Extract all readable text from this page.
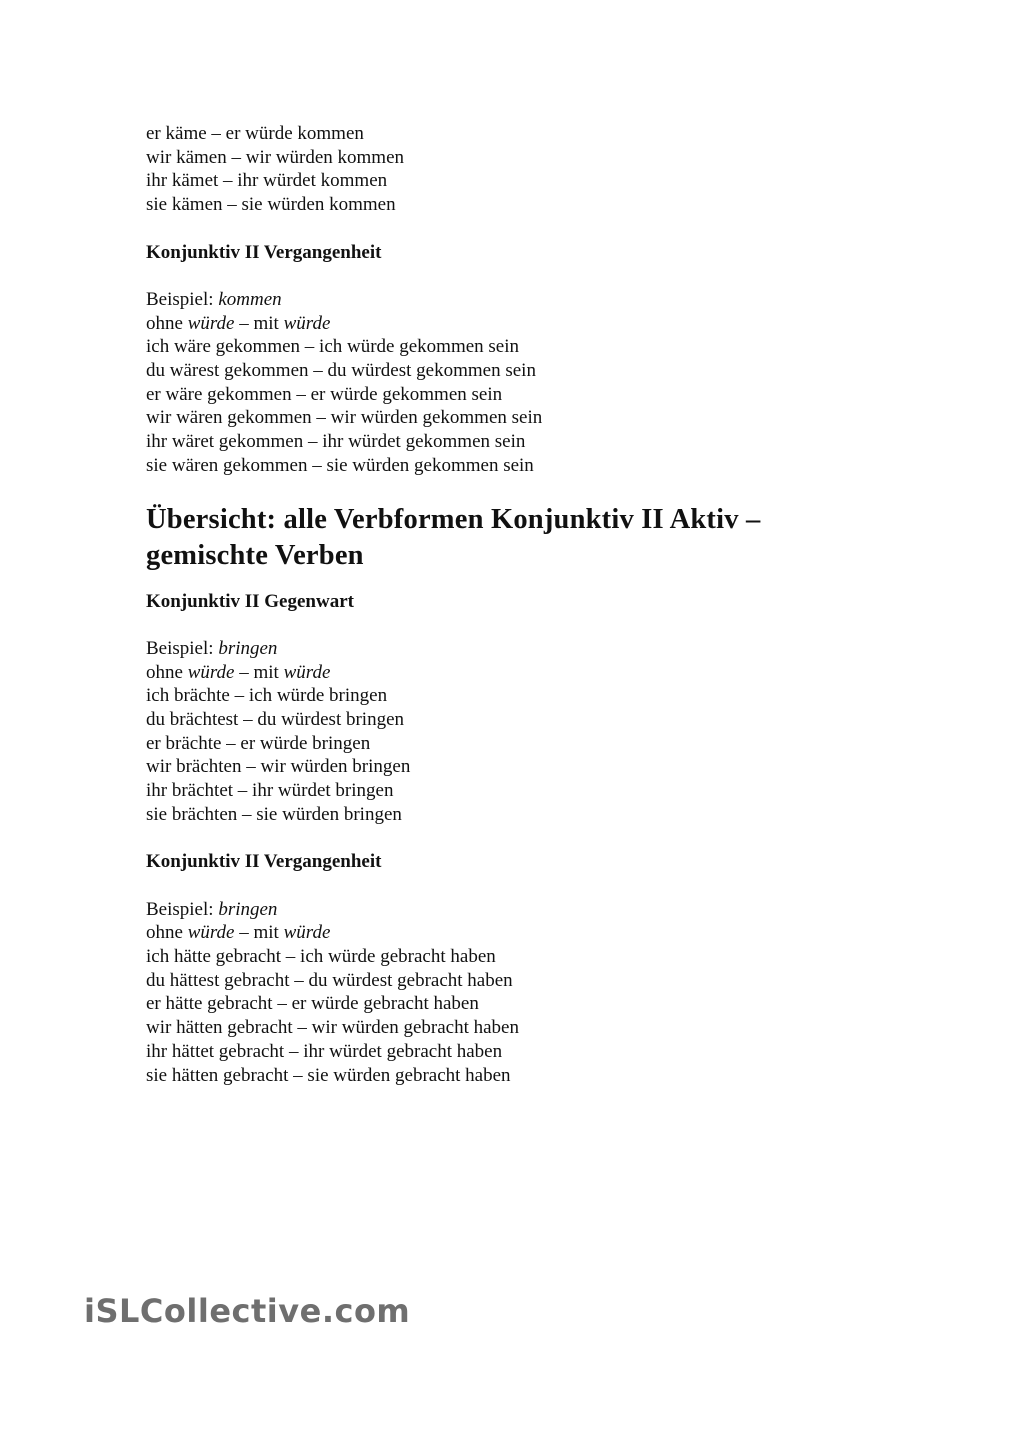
er käme – er würde kommen

wir kämen – wir würden kommen

ihr kämet – ihr würdet kommen

sie kämen – sie würden kommen

Konjunktiv II Vergangenheit

Beispiel: kommen

ohne würde – mit würde

ich wäre gekommen – ich würde gekommen sein

du wärest gekommen – du würdest gekommen sein

er wäre gekommen – er würde gekommen sein

wir wären gekommen – wir würden gekommen sein

ihr wäret gekommen – ihr würdet gekommen sein

sie wären gekommen – sie würden gekommen sein

Übersicht: alle Verbformen Konjunktiv II Aktiv –

gemischte Verben

Konjunktiv II Gegenwart

Beispiel: bringen

ohne würde – mit würde

ich brächte – ich würde bringen

du brächtest – du würdest bringen

er brächte – er würde bringen

wir brächten – wir würden bringen

ihr brächtet – ihr würdet bringen

sie brächten – sie würden bringen

Konjunktiv II Vergangenheit

Beispiel: bringen

ohne würde – mit würde

ich hätte gebracht – ich würde gebracht haben

du hättest gebracht – du würdest gebracht haben

er hätte gebracht – er würde gebracht haben

wir hätten gebracht – wir würden gebracht haben

ihr hättet gebracht – ihr würdet gebracht haben

sie hätten gebracht – sie würden gebracht haben

iSLCollective.com
